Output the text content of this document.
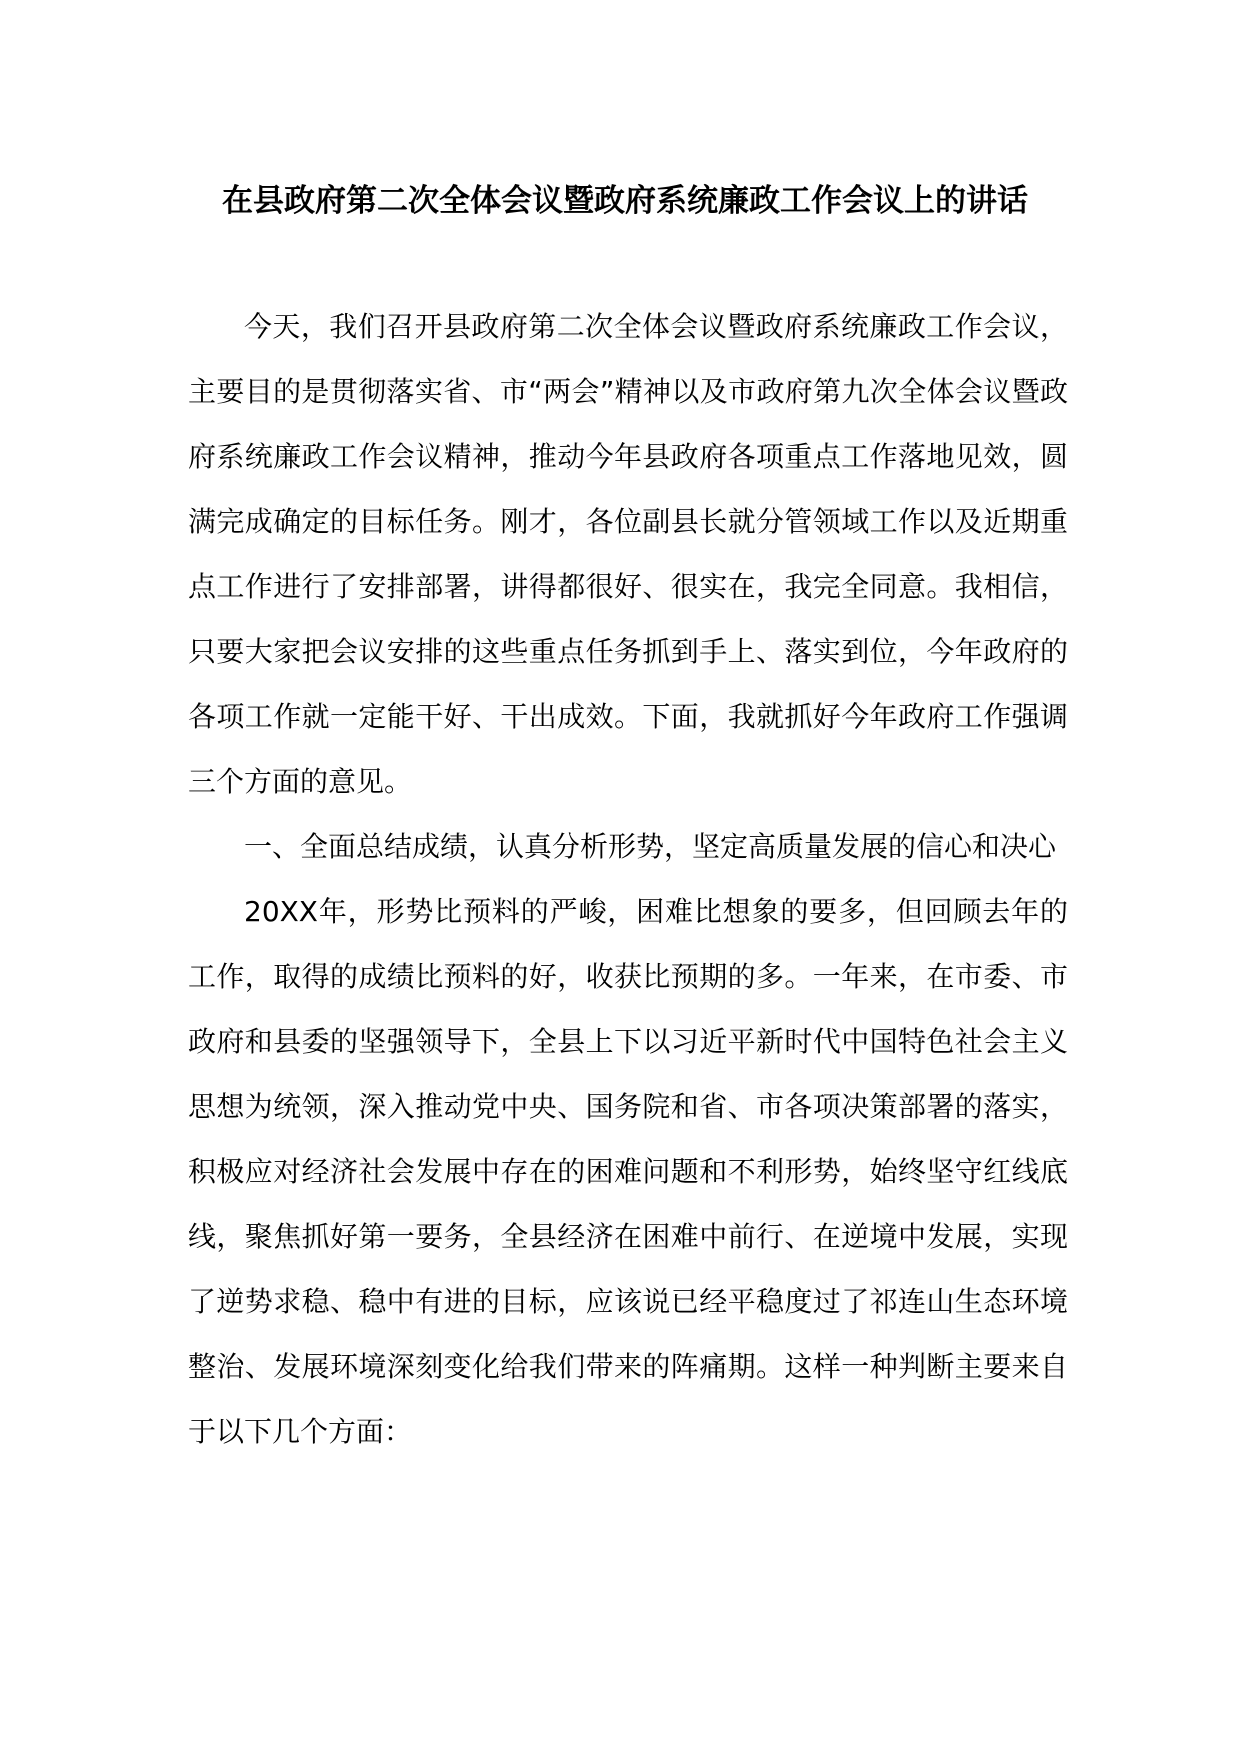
在县政府第二次全体会议暨政府系统廉政工作会议上的讲话

今天，我们召开县政府第二次全体会议暨政府系统廉政工作会议，主要目的是贯彻落实省、市“两会”精神以及市政府第九次全体会议暨政府系统廉政工作会议精神，推动今年县政府各项重点工作落地见效，圆满完成确定的目标任务。刚才，各位副县长就分管领域工作以及近期重点工作进行了安排部署，讲得都很好、很实在，我完全同意。我相信，只要大家把会议安排的这些重点任务抓到手上、落实到位，今年政府的各项工作就一定能干好、干出成效。下面，我就抓好今年政府工作强调三个方面的意见。

一、全面总结成绩，认真分析形势，坚定高质量发展的信心和决心

20XX年，形势比预料的严峻，困难比想象的要多，但回顾去年的工作，取得的成绩比预料的好，收获比预期的多。一年来，在市委、市政府和县委的坚强领导下，全县上下以习近平新时代中国特色社会主义思想为统领，深入推动党中央、国务院和省、市各项决策部署的落实，积极应对经济社会发展中存在的困难问题和不利形势，始终坚守红线底线，聚焦抓好第一要务，全县经济在困难中前行、在逆境中发展，实现了逆势求稳、稳中有进的目标，应该说已经平稳度过了祁连山生态环境整治、发展环境深刻变化给我们带来的阵痛期。这样一种判断主要来自于以下几个方面：
